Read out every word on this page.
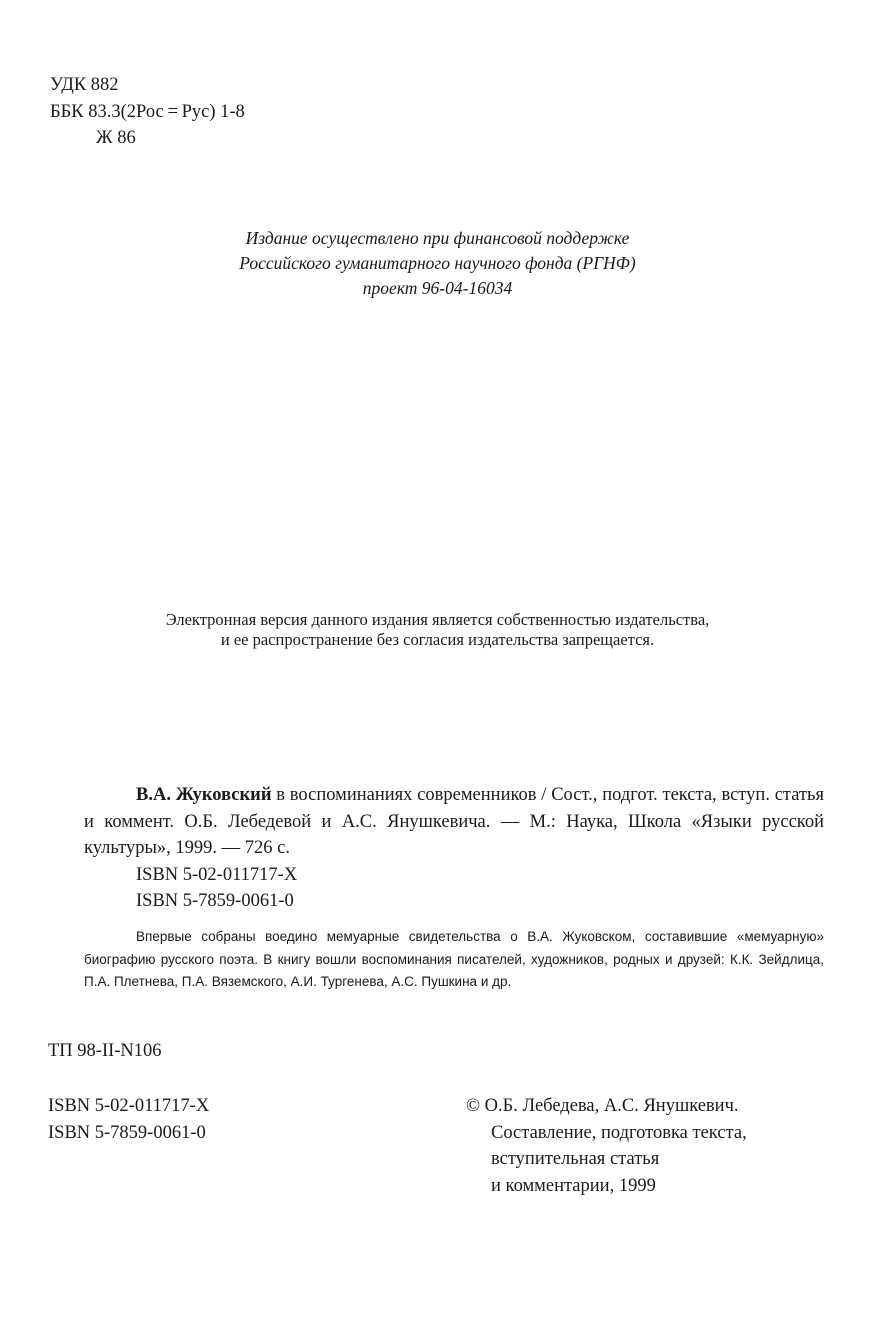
УДК 882
ББК 83.3(2Рос = Рус) 1-8
Ж 86
Издание осуществлено при финансовой поддержке
Российского гуманитарного научного фонда (РГНФ)
проект 96-04-16034
Электронная версия данного издания является собственностью издательства,
и ее распространение без согласия издательства запрещается.

В.А. Жуковский в воспоминаниях современников / Сост., подгот. текста, вступ. статья и коммент. О.Б. Лебедевой и А.С. Янушкевича. — М.: Наука, Школа «Языки русской культуры», 1999. — 726 с.

ISBN 5-02-011717-X
ISBN 5-7859-0061-0

Впервые собраны воедино мемуарные свидетельства о В.А. Жуковском, составившие «мемуарную» биографию русского поэта. В книгу вошли воспоминания писателей, художников, родных и друзей: К.К. Зейдлица, П.А. Плетнева, П.А. Вяземского, А.И. Тургенева, А.С. Пушкина и др.

ТП 98-II-N106
ISBN 5-02-011717-X
ISBN 5-7859-0061-0
© О.Б. Лебедева, А.С. Янушкевич.
Составление, подготовка текста,
вступительная статья
и комментарии, 1999
